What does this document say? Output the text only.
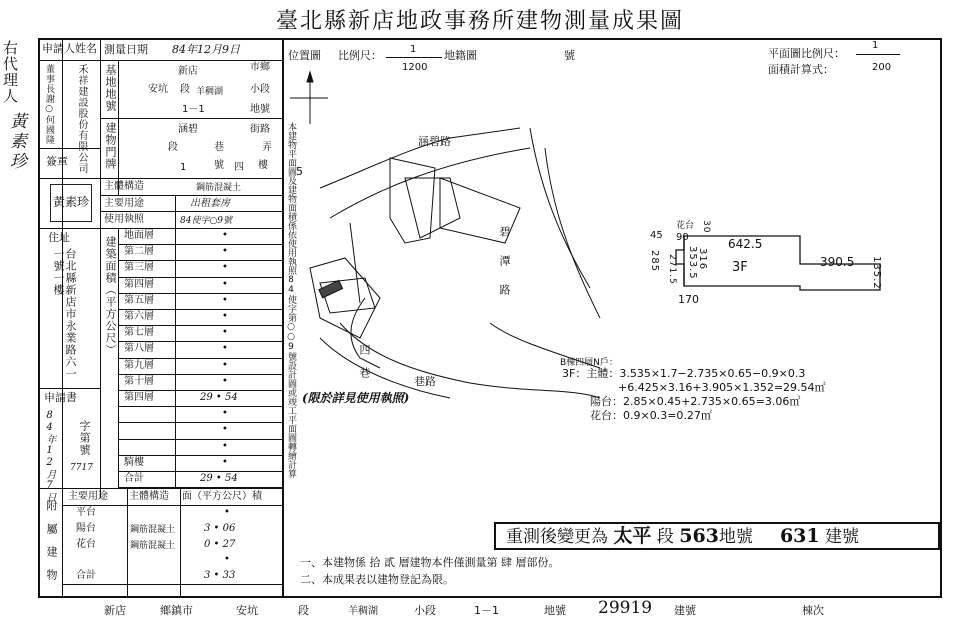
臺北縣新店地政事務所建物測量成果圖
右代理人
黃
素
珍
申請人姓名
董事長謝○何國隆 禾祥建設股份有限公司
簽章
黃素珍
住址
台北縣新店市永業路六一一號一樓
測量日期 84年12月9日
基地地號	新店	市鄉
安坑 段 羊稠湖	小段
1－1	地號
建物門牌	涵碧	街路
段	巷	弄
1	號 四 樓
主體構造	鋼筋混凝土
主要用途	出租套房
使用執照	84使字○9號
建築面積（平方公尺）
地面層	•
第二層	•
第三層	•
第四層	•
第五層	•
第六層	•
第七層	•
第八層	•
第九層	•
第十層	•
第四層	29 • 54
•
•
•
騎樓	•
合計	29 • 54
申請書
84年12月7日 字第號
7717
附屬建物
主要用途 主體構造 面（平方公尺）積
平台	•
陽台	鋼筋混凝土	3 • 06
花台	鋼筋混凝土	0 • 27
•
合計	3 • 33
本建物平面圖及建物面積係依使用執照84使字第○○9號設計圖或竣工平面圖轉繪計算
位置圖 比例尺：	1
1200
地籍圖	號
涵碧路
碧潭路
四巷	巷路
5
(限於詳見使用執照)
平面圖比例尺：
1
200
面積計算式：
642.5
3F	390.5 135.2
170
45 90
花台
285	353.5 316
271.5
30
B棟四層N戶：
3F：主體：3.535×1.7−2.735×0.65−0.9×0.3
+6.425×3.16+3.905×1.352=29.54㎡
陽台：2.85×0.45+2.735×0.65=3.06㎡
花台：0.9×0.3=0.27㎡
重測後變更為 太平 段 563地號 631 建號
一、本建物係 拾 貳 層建物本件僅測量第 肆 層部份。
二、本成果表以建物登記為限。
新店	鄉鎮市	安坑	段	羊稠湖	小段	1－1	地號 29919 建號	棟次
